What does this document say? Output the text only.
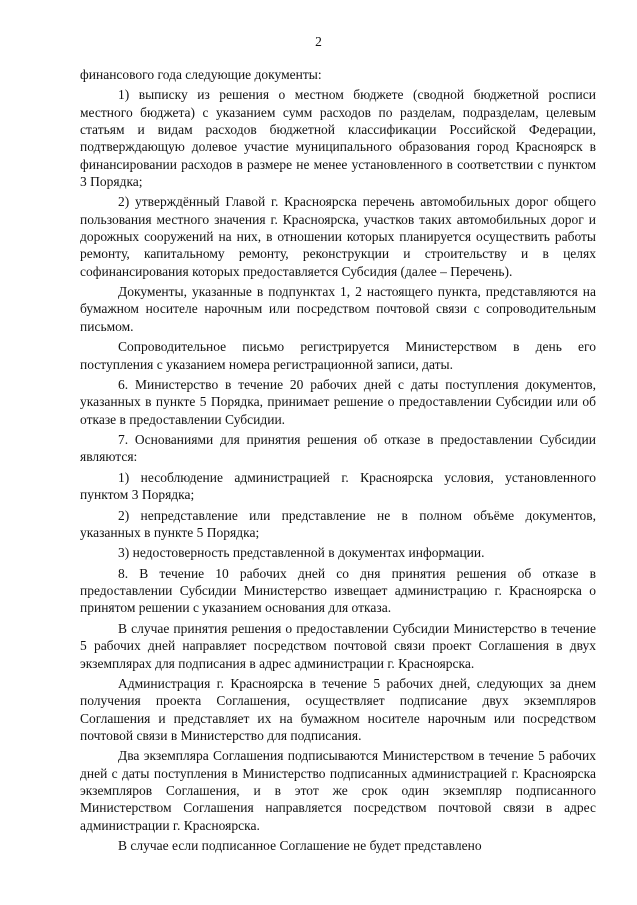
2

финансового года следующие документы:

1) выписку из решения о местном бюджете (сводной бюджетной росписи местного бюджета) с указанием сумм расходов по разделам, подразделам, целевым статьям и видам расходов бюджетной классификации Российской Федерации, подтверждающую долевое участие муниципального образования город Красноярск в финансировании расходов в размере не менее установленного в соответствии с пунктом 3 Порядка;

2) утверждённый Главой г. Красноярска перечень автомобильных дорог общего пользования местного значения г. Красноярска, участков таких автомобильных дорог и дорожных сооружений на них, в отношении которых планируется осуществить работы ремонту, капитальному ремонту, реконструкции и строительству и в целях софинансирования которых предоставляется Субсидия (далее – Перечень).

Документы, указанные в подпунктах 1, 2 настоящего пункта, представляются на бумажном носителе нарочным или посредством почтовой связи с сопроводительным письмом.

Сопроводительное письмо регистрируется Министерством в день его поступления с указанием номера регистрационной записи, даты.

6. Министерство в течение 20 рабочих дней с даты поступления документов, указанных в пункте 5 Порядка, принимает решение о предоставлении Субсидии или об отказе в предоставлении Субсидии.

7. Основаниями для принятия решения об отказе в предоставлении Субсидии являются:

1) несоблюдение администрацией г. Красноярска условия, установленного пунктом 3 Порядка;

2) непредставление или представление не в полном объёме документов, указанных в пункте 5 Порядка;

3) недостоверность представленной в документах информации.

8. В течение 10 рабочих дней со дня принятия решения об отказе в предоставлении Субсидии Министерство извещает администрацию г. Красноярска о принятом решении с указанием основания для отказа.

В случае принятия решения о предоставлении Субсидии Министерство в течение 5 рабочих дней направляет посредством почтовой связи проект Соглашения в двух экземплярах для подписания в адрес администрации г. Красноярска.

Администрация г. Красноярска в течение 5 рабочих дней, следующих за днем получения проекта Соглашения, осуществляет подписание двух экземпляров Соглашения и представляет их на бумажном носителе нарочным или посредством почтовой связи в Министерство для подписания.

Два экземпляра Соглашения подписываются Министерством в течение 5 рабочих дней с даты поступления в Министерство подписанных администрацией г. Красноярска экземпляров Соглашения, и в этот же срок один экземпляр подписанного Министерством Соглашения направляется посредством почтовой связи в адрес администрации г. Красноярска.

В случае если подписанное Соглашение не будет представлено
